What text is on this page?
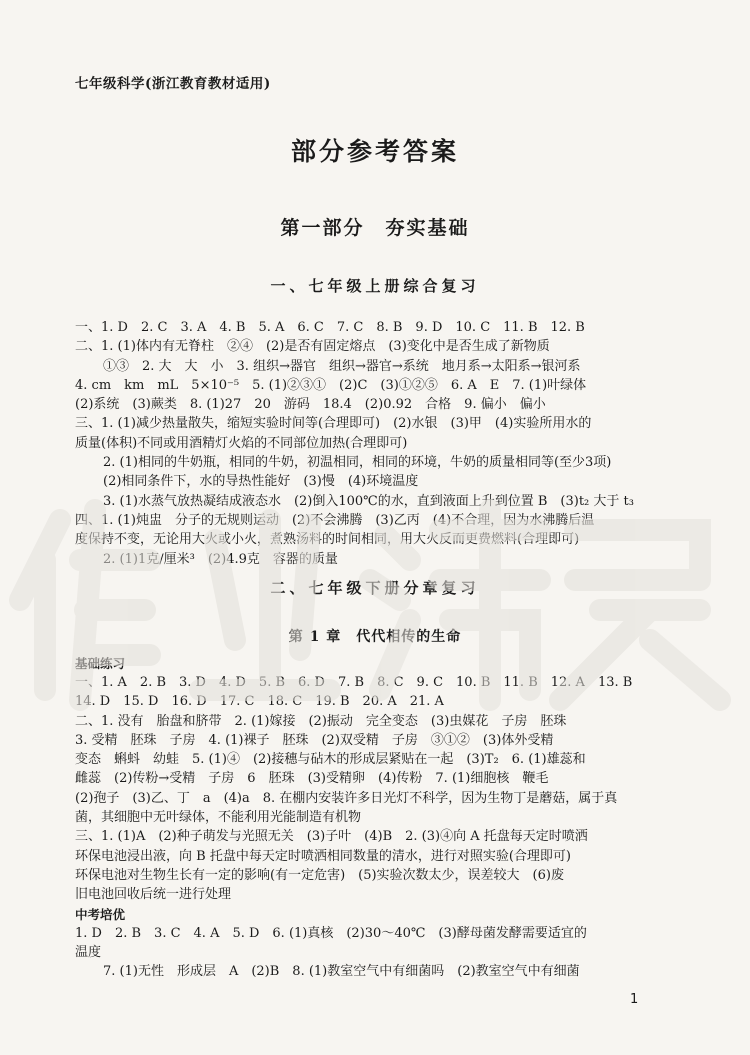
七年级科学(浙江教育教材适用)
部分参考答案
第一部分　夯实基础
一、七年级上册综合复习
一、1. D　2. C　3. A　4. B　5. A　6. C　7. C　8. B　9. D　10. C　11. B　12. B
二、1. (1)体内有无脊柱　②④　(2)是否有固定熔点　(3)变化中是否生成了新物质
①③　2. 大　大　小　3. 组织→器官　组织→器官→系统　地月系→太阳系→银河系
4. cm　km　mL　5×10⁻⁵　5. (1)②③①　(2)C　(3)①②⑤　6. A　E　7. (1)叶绿体
(2)系统　(3)蕨类　8. (1)27　20　游码　18.4　(2)0.92　合格　9. 偏小　偏小
三、1. (1)减少热量散失，缩短实验时间等(合理即可)　(2)水银　(3)甲　(4)实验所用水的
质量(体积)不同或用酒精灯火焰的不同部位加热(合理即可)
2. (1)相同的牛奶瓶，相同的牛奶，初温相同，相同的环境，牛奶的质量相同等(至少3项)
(2)相同条件下，水的导热性能好　(3)慢　(4)环境温度
3. (1)水蒸气放热凝结成液态水　(2)倒入100℃的水，直到液面上升到位置 B　(3)t₂ 大于 t₃
四、1. (1)炖盅　分子的无规则运动　(2)不会沸腾　(3)乙丙　(4)不合理，因为水沸腾后温
度保持不变，无论用大火或小火，煮熟汤料的时间相同，用大火反而更费燃料(合理即可)
2. (1)1克/厘米³　(2)4.9克　容器的质量
二、七年级下册分章复习
第 1 章　代代相传的生命
基础练习
一、1. A　2. B　3. D　4. D　5. B　6. D　7. B　8. C　9. C　10. B　11. B　12. A　13. B
14. D　15. D　16. D　17. C　18. C　19. B　20. A　21. A
二、1. 没有　胎盘和脐带　2. (1)嫁接　(2)振动　完全变态　(3)虫媒花　子房　胚珠
3. 受精　胚珠　子房　4. (1)裸子　胚珠　(2)双受精　子房　③①②　(3)体外受精
变态　蝌蚪　幼蛙　5. (1)④　(2)接穗与砧木的形成层紧贴在一起　(3)T₂　6. (1)雄蕊和
雌蕊　(2)传粉→受精　子房　6　胚珠　(3)受精卵　(4)传粉　7. (1)细胞核　鞭毛
(2)孢子　(3)乙、丁　a　(4)a　8. 在棚内安装许多日光灯不科学，因为生物丁是蘑菇，属于真
菌，其细胞中无叶绿体，不能利用光能制造有机物
三、1. (1)A　(2)种子萌发与光照无关　(3)子叶　(4)B　2. (3)④向 A 托盘每天定时喷洒
环保电池浸出液，向 B 托盘中每天定时喷洒相同数量的清水，进行对照实验(合理即可)
环保电池对生物生长有一定的影响(有一定危害)　(5)实验次数太少，误差较大　(6)废
旧电池回收后统一进行处理
中考培优
1. D　2. B　3. C　4. A　5. D　6. (1)真核　(2)30～40℃　(3)酵母菌发酵需要适宜的
温度
7. (1)无性　形成层　A　(2)B　8. (1)教室空气中有细菌吗　(2)教室空气中有细菌
1
